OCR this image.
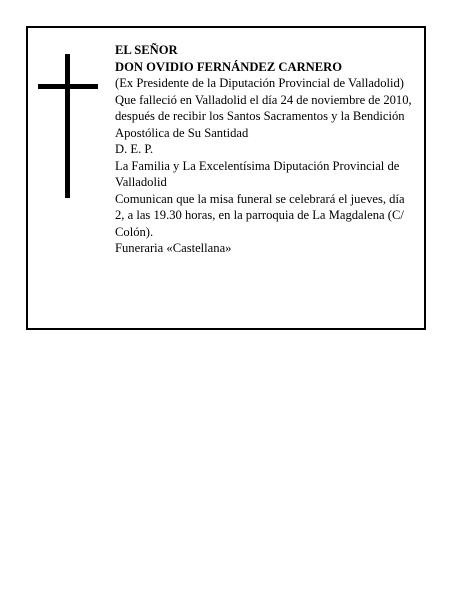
EL SEÑOR

DON OVIDIO FERNÁNDEZ CARNERO

(Ex Presidente de la Diputación Provincial de Valladolid)

Que falleció en Valladolid el día 24 de noviembre de 2010, después de recibir los Santos Sacramentos y la Bendición Apostólica de Su Santidad

D. E. P.

La Familia y La Excelentísima Diputación Provincial de Valladolid

Comunican que la misa funeral se celebrará el jueves, día 2, a las 19.30 horas, en la parroquia de La Magdalena (C/ Colón).

Funeraria «Castellana»
